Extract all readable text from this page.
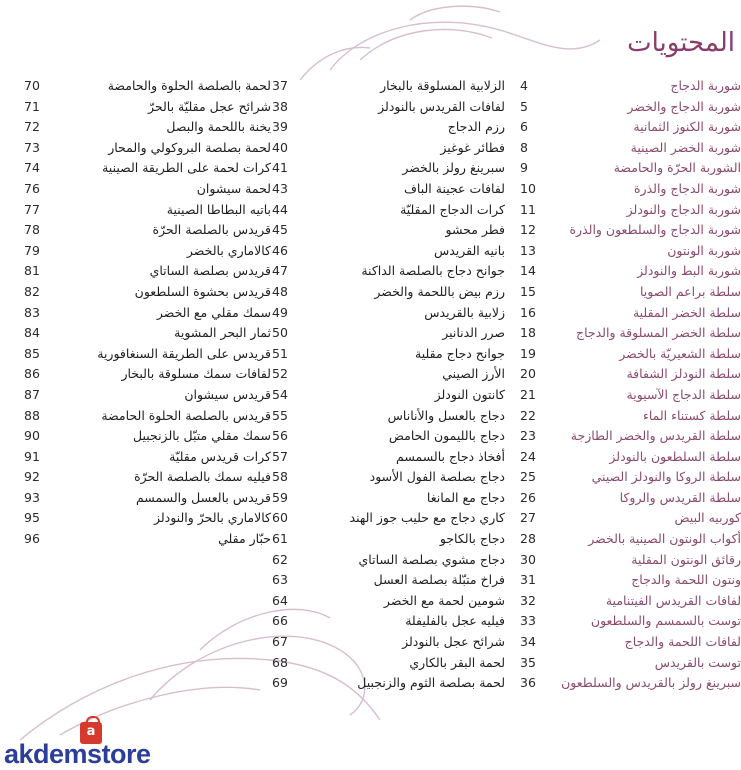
المحتويات
4	شوربة الدجاج
5	شوربة الدجاج والخضر
6	شوربة الكنوز الثمانية
8	شوربة الخضر الصينية
9	الشوربة الحرّة والحامضة
10	شوربة الدجاج والذرة
11	شوربة الدجاج والنودلز
12	شوربة الدجاج والسلطعون والذرة
13	شوربة الونتون
14	شوربة البط والنودلز
15	سلطة براعم الصويا
16	سلطة الخضر المقلية
18	سلطة الخضر المسلوقة والدجاج
19	سلطة الشعيريّة بالخضر
20	سلطة النودلز الشفافة
21	سلطة الدجاج الآسيوية
22	سلطة كستناء الماء
23	سلطة القريدس والخضر الطازجة
24	سلطة السلطعون بالنودلز
25	سلطة الروكا والنودلز الصيني
26	سلطة القريدس والروكا
27	كوربيه البيض
28	أكواب الونتون الصينية بالخضر
30	رقائق الونتون المقلية
31	ونتون اللحمة والدجاج
32	لفافات القريدس الفيتنامية
33	توست بالسمسم والسلطعون
34	لفافات اللحمة والدجاج
35	توست بالقريدس
36	سبرينغ رولز بالقريدس والسلطعون
37	الزلابية المسلوقة بالبخار
38	لفافات القريدس بالنودلز
39	رزم الدجاج
40	فطائر غوغيز
41	سبرينغ رولز بالخضر
43	لفافات عجينة الباف
44	كرات الدجاج المقليّة
45	فطر محشو
46	بانيه القريدس
47	جوانح دجاج بالصلصة الداكنة
48	رزم بيض باللحمة والخضر
49	زلابية بالقريدس
50	صرر الدنانير
51	جوانح دجاج مقلية
52	الأرز الصيني
54	كانتون النودلز
55	دجاج بالعسل والأناناس
56	دجاج بالليمون الحامض
57	أفخاذ دجاج بالسمسم
58	دجاج بصلصة الفول الأسود
59	دجاج مع المانغا
60	كاري دجاج مع حليب جوز الهند
61	دجاج بالكاجو
62	دجاج مشوي بصلصة الساتاي
63	فراخ متبّلة بصلصة العسل
64	شومين لحمة مع الخضر
66	فيليه عجل بالفليفلة
67	شرائح عجل بالنودلز
68	لحمة البقر بالكاري
69	لحمة بصلصة الثوم والزنجبيل
70	لحمة بالصلصة الحلوة والحامضة
71	شرائح عجل مقليّة بالحرّ
72	يخنة باللحمة والبصل
73	لحمة بصلصة البروكولي والمحار
74	كرات لحمة على الطريقة الصينية
76	لحمة سيشوان
77	باتيه البطاطا الصينية
78	قريدس بالصلصة الحرّة
79	كالاماري بالخضر
81	قريدس بصلصة الساتاي
82	قريدس بحشوة السلطعون
83	سمك مقلي مع الخضر
84	ثمار البحر المشوية
85	قريدس على الطريقة السنغافورية
86	لفافات سمك مسلوقة بالبخار
87	قريدس سيشوان
88	قريدس بالصلصة الحلوة الحامضة
90	سمك مقلي متبّل بالزنجبيل
91	كرات قريدس مقليّة
92	فيليه سمك بالصلصة الحرّة
93	قريدس بالعسل والسمسم
95	كالاماري بالحرّ والنودلز
96	حبّار مقلي
a
akdemstore
